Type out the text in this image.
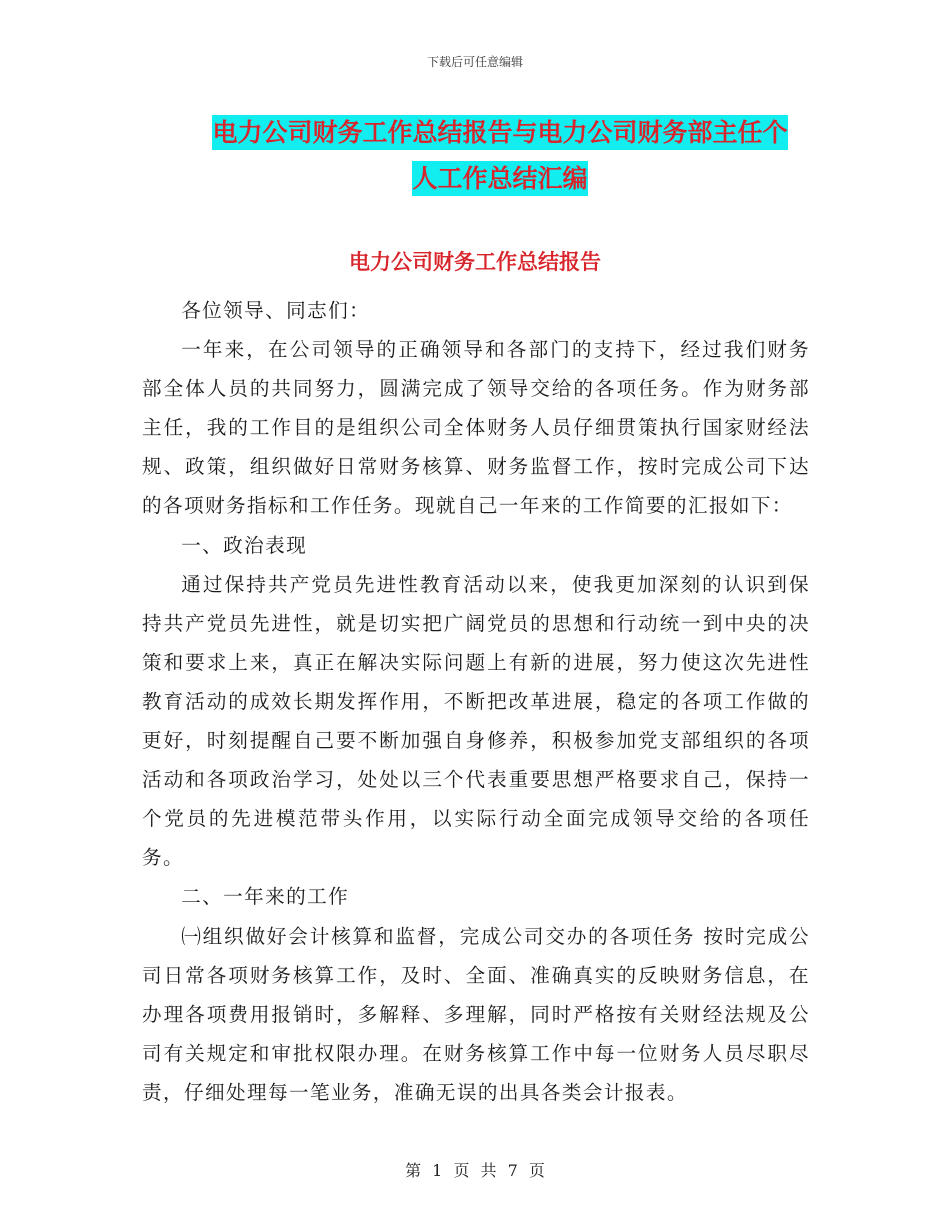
下载后可任意编辑
电力公司财务工作总结报告与电力公司财务部主任个
人工作总结汇编
电力公司财务工作总结报告

各位领导、同志们：

一年来，在公司领导的正确领导和各部门的支持下，经过我们财务部全体人员的共同努力，圆满完成了领导交给的各项任务。作为财务部主任，我的工作目的是组织公司全体财务人员仔细贯策执行国家财经法规、政策，组织做好日常财务核算、财务监督工作，按时完成公司下达的各项财务指标和工作任务。现就自己一年来的工作简要的汇报如下：

一、政治表现

通过保持共产党员先进性教育活动以来，使我更加深刻的认识到保持共产党员先进性，就是切实把广阔党员的思想和行动统一到中央的决策和要求上来，真正在解决实际问题上有新的进展，努力使这次先进性教育活动的成效长期发挥作用，不断把改革进展，稳定的各项工作做的更好，时刻提醒自己要不断加强自身修养，积极参加党支部组织的各项活动和各项政治学习，处处以三个代表重要思想严格要求自己，保持一个党员的先进模范带头作用，以实际行动全面完成领导交给的各项任务。

二、一年来的工作

㈠组织做好会计核算和监督，完成公司交办的各项任务 按时完成公司日常各项财务核算工作，及时、全面、准确真实的反映财务信息，在办理各项费用报销时，多解释、多理解，同时严格按有关财经法规及公司有关规定和审批权限办理。在财务核算工作中每一位财务人员尽职尽责，仔细处理每一笔业务，准确无误的出具各类会计报表。

第 1 页 共 7 页
